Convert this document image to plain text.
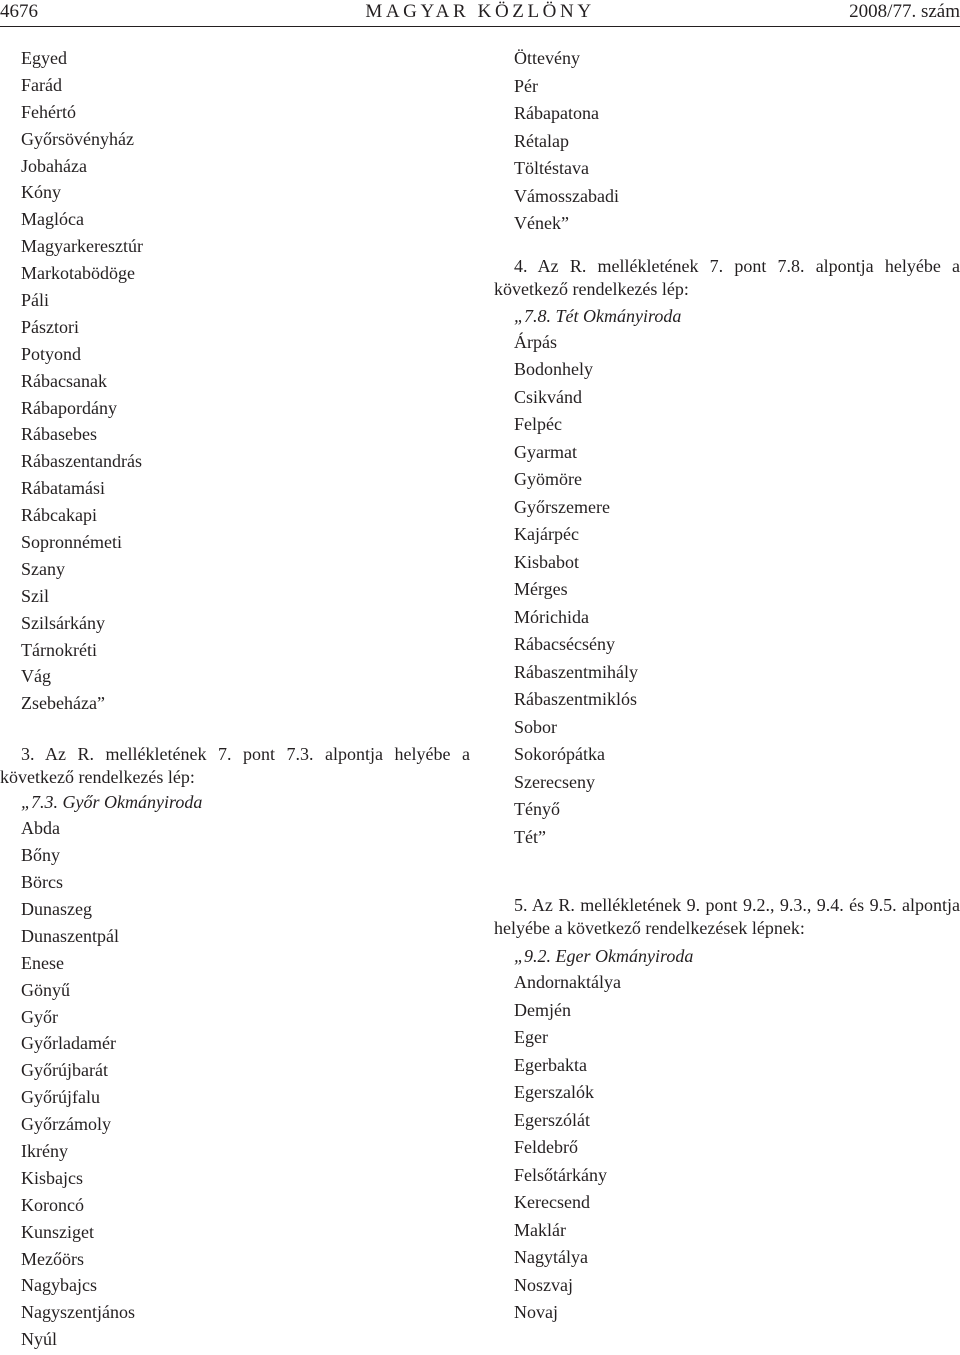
4676	MAGYAR KÖZLÖNY	2008/77. szám
Egyed
Farád
Fehértó
Győrsövényház
Jobaháza
Kóny
Maglóca
Magyarkeresztúr
Markotabödöge
Páli
Pásztori
Potyond
Rábacsanak
Rábapordány
Rábasebes
Rábaszentandrás
Rábatamási
Rábcakapi
Sopronnémeti
Szany
Szil
Szilsárkány
Tárnokréti
Vág
Zsebeháza”

3. Az R. mellékletének 7. pont 7.3. alpontja helyébe a következő rendelkezés lép:

„7.3. Győr Okmányiroda
Abda
Bőny
Börcs
Dunaszeg
Dunaszentpál
Enese
Gönyű
Győr
Győrladamér
Győrújbarát
Győrújfalu
Győrzámoly
Ikrény
Kisbajcs
Koroncó
Kunsziget
Mezőörs
Nagybajcs
Nagyszentjános
Nyúl
Öttevény
Pér
Rábapatona
Rétalap
Töltéstava
Vámosszabadi
Vének”

4. Az R. mellékletének 7. pont 7.8. alpontja helyébe a következő rendelkezés lép:

„7.8. Tét Okmányiroda
Árpás
Bodonhely
Csikvánd
Felpéc
Gyarmat
Gyömöre
Győrszemere
Kajárpéc
Kisbabot
Mérges
Mórichida
Rábacsécsény
Rábaszentmihály
Rábaszentmiklós
Sobor
Sokorópátka
Szerecseny
Tényő
Tét”

5. Az R. mellékletének 9. pont 9.2., 9.3., 9.4. és 9.5. alpontja helyébe a következő rendelkezések lépnek:

„9.2. Eger Okmányiroda
Andornaktálya
Demjén
Eger
Egerbakta
Egerszalók
Egerszólát
Feldebrő
Felsőtárkány
Kerecsend
Maklár
Nagytálya
Noszvaj
Novaj
